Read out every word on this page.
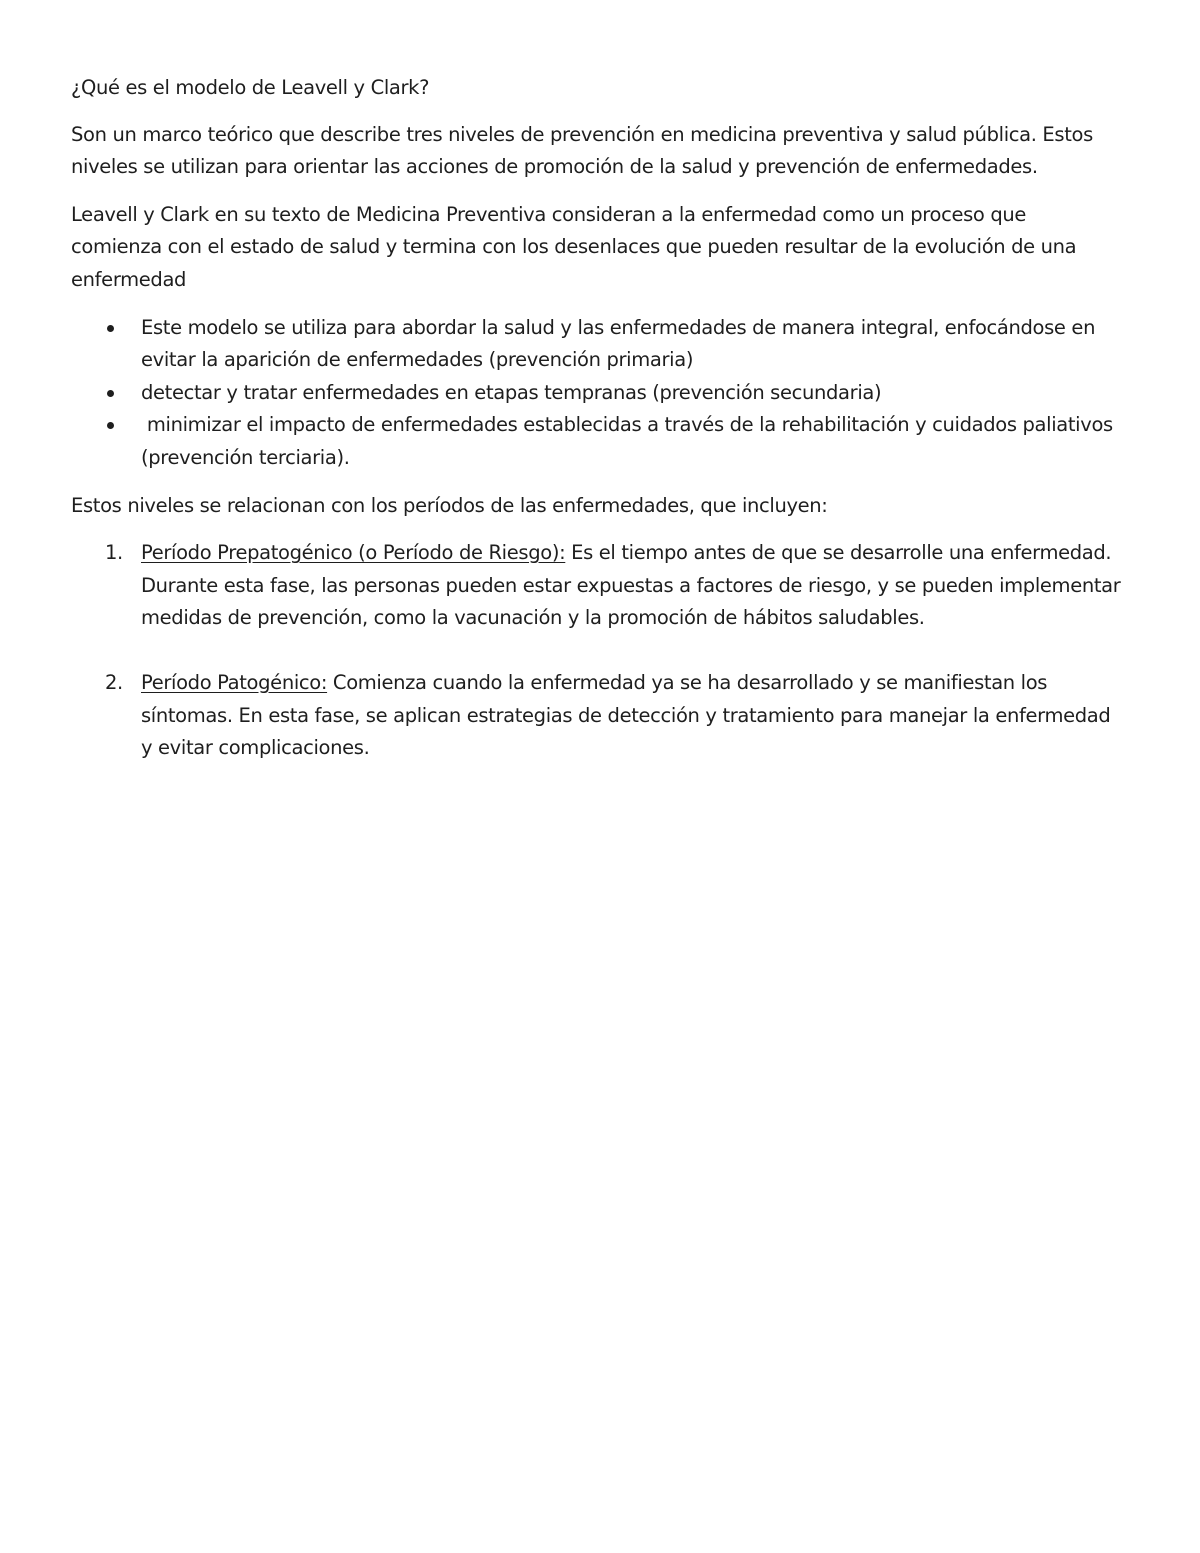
¿Qué es el modelo de Leavell y Clark?

Son un marco teórico que describe tres niveles de prevención en medicina preventiva y salud pública. Estos niveles se utilizan para orientar las acciones de promoción de la salud y prevención de enfermedades.

Leavell y Clark en su texto de Medicina Preventiva consideran a la enfermedad como un proceso que comienza con el estado de salud y termina con los desenlaces que pueden resultar de la evolución de una enfermedad

Este modelo se utiliza para abordar la salud y las enfermedades de manera integral, enfocándose en evitar la aparición de enfermedades (prevención primaria)
detectar y tratar enfermedades en etapas tempranas (prevención secundaria)
minimizar el impacto de enfermedades establecidas a través de la rehabilitación y cuidados paliativos (prevención terciaria).

Estos niveles se relacionan con los períodos de las enfermedades, que incluyen:

1. Período Prepatogénico (o Período de Riesgo): Es el tiempo antes de que se desarrolle una enfermedad. Durante esta fase, las personas pueden estar expuestas a factores de riesgo, y se pueden implementar medidas de prevención, como la vacunación y la promoción de hábitos saludables.
2. Período Patogénico: Comienza cuando la enfermedad ya se ha desarrollado y se manifiestan los síntomas. En esta fase, se aplican estrategias de detección y tratamiento para manejar la enfermedad y evitar complicaciones.
